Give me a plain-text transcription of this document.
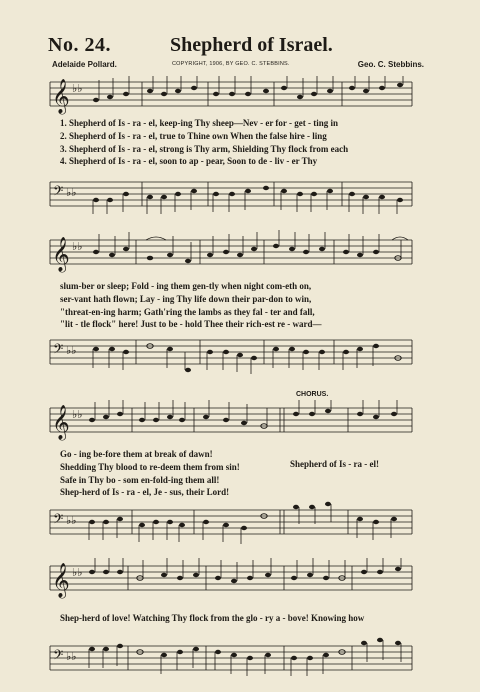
No. 24.	Shepherd of Israel.
Adelaide Pollard.	COPYRIGHT, 1906, BY GEO. C. STEBBINS.	Geo. C. Stebbins.
𝄞 ♭♭
1. Shepherd of Is - ra - el, keep-ing Thy sheep—Nev - er for - get - ting in
2. Shepherd of Is - ra - el, true to Thine own When the false hire - ling
3. Shepherd of Is - ra - el, strong is Thy arm, Shielding Thy flock from each
4. Shepherd of Is - ra - el, soon to ap - pear, Soon to de - liv - er Thy
𝄢 ♭♭
𝄞 ♭♭
slum-ber or sleep; Fold - ing them gen-tly when night com-eth on,
ser-vant hath flown; Lay - ing Thy life down their par-don to win,
"threat-en-ing harm; Gath'ring the lambs as they fal - ter and fall,
"lit - tle flock" here! Just to be - hold Thee their rich-est re - ward—
𝄢 ♭♭
CHORUS.
𝄞 ♭♭
Go - ing be-fore them at break of dawn!
Shedding Thy blood to re-deem them from sin!
Safe in Thy bo - som en-fold-ing them all!
Shep-herd of Is - ra - el, Je - sus, their Lord!
Shepherd of Is - ra - el!
𝄢 ♭♭
𝄞 ♭♭
Shep-herd of love! Watching Thy flock from the glo - ry a - bove! Knowing how
𝄢 ♭♭
